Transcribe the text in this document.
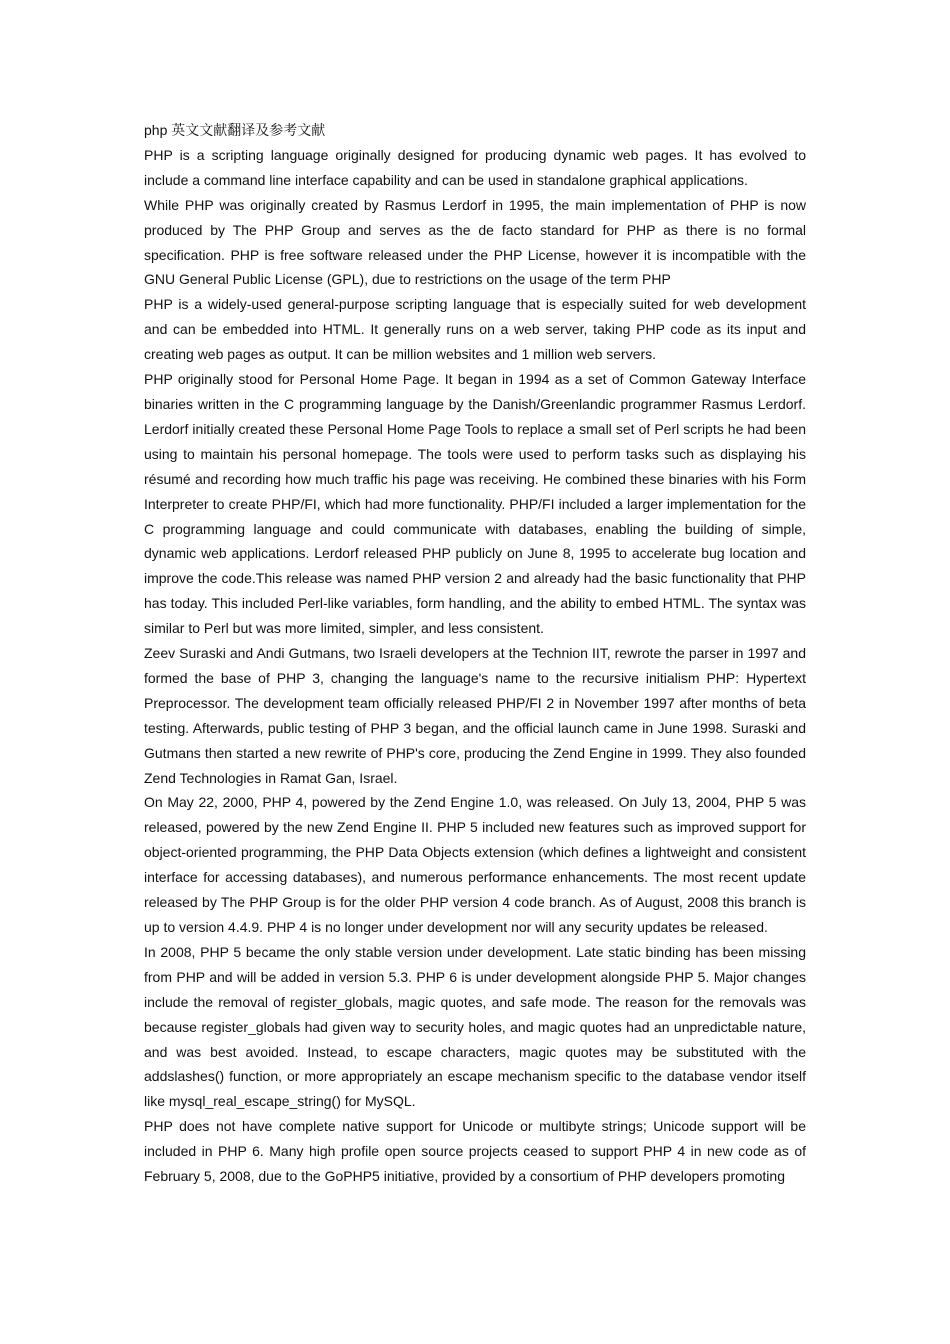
php 英文文献翻译及参考文献

PHP is a scripting language originally designed for producing dynamic web pages. It has evolved to include a command line interface capability and can be used in standalone graphical applications.

While PHP was originally created by Rasmus Lerdorf in 1995, the main implementation of PHP is now produced by The PHP Group and serves as the de facto standard for PHP as there is no formal specification. PHP is free software released under the PHP License, however it is incompatible with the GNU General Public License (GPL), due to restrictions on the usage of the term PHP

PHP is a widely-used general-purpose scripting language that is especially suited for web development and can be embedded into HTML. It generally runs on a web server, taking PHP code as its input and creating web pages as output. It can be million websites and 1 million web servers.

PHP originally stood for Personal Home Page. It began in 1994 as a set of Common Gateway Interface binaries written in the C programming language by the Danish/Greenlandic programmer Rasmus Lerdorf. Lerdorf initially created these Personal Home Page Tools to replace a small set of Perl scripts he had been using to maintain his personal homepage. The tools were used to perform tasks such as displaying his résumé and recording how much traffic his page was receiving. He combined these binaries with his Form Interpreter to create PHP/FI, which had more functionality. PHP/FI included a larger implementation for the C programming language and could communicate with databases, enabling the building of simple, dynamic web applications. Lerdorf released PHP publicly on June 8, 1995 to accelerate bug location and improve the code.This release was named PHP version 2 and already had the basic functionality that PHP has today. This included Perl-like variables, form handling, and the ability to embed HTML. The syntax was similar to Perl but was more limited, simpler, and less consistent.

Zeev Suraski and Andi Gutmans, two Israeli developers at the Technion IIT, rewrote the parser in 1997 and formed the base of PHP 3, changing the language's name to the recursive initialism PHP: Hypertext Preprocessor. The development team officially released PHP/FI 2 in November 1997 after months of beta testing. Afterwards, public testing of PHP 3 began, and the official launch came in June 1998. Suraski and Gutmans then started a new rewrite of PHP's core, producing the Zend Engine in 1999. They also founded Zend Technologies in Ramat Gan, Israel.

On May 22, 2000, PHP 4, powered by the Zend Engine 1.0, was released. On July 13, 2004, PHP 5 was released, powered by the new Zend Engine II. PHP 5 included new features such as improved support for object-oriented programming, the PHP Data Objects extension (which defines a lightweight and consistent interface for accessing databases), and numerous performance enhancements. The most recent update released by The PHP Group is for the older PHP version 4 code branch. As of August, 2008 this branch is up to version 4.4.9. PHP 4 is no longer under development nor will any security updates be released.

In 2008, PHP 5 became the only stable version under development. Late static binding has been missing from PHP and will be added in version 5.3. PHP 6 is under development alongside PHP 5. Major changes include the removal of register_globals, magic quotes, and safe mode. The reason for the removals was because register_globals had given way to security holes, and magic quotes had an unpredictable nature, and was best avoided. Instead, to escape characters, magic quotes may be substituted with the addslashes() function, or more appropriately an escape mechanism specific to the database vendor itself like mysql_real_escape_string() for MySQL.

PHP does not have complete native support for Unicode or multibyte strings; Unicode support will be included in PHP 6. Many high profile open source projects ceased to support PHP 4 in new code as of February 5, 2008, due to the GoPHP5 initiative, provided by a consortium of PHP developers promoting
